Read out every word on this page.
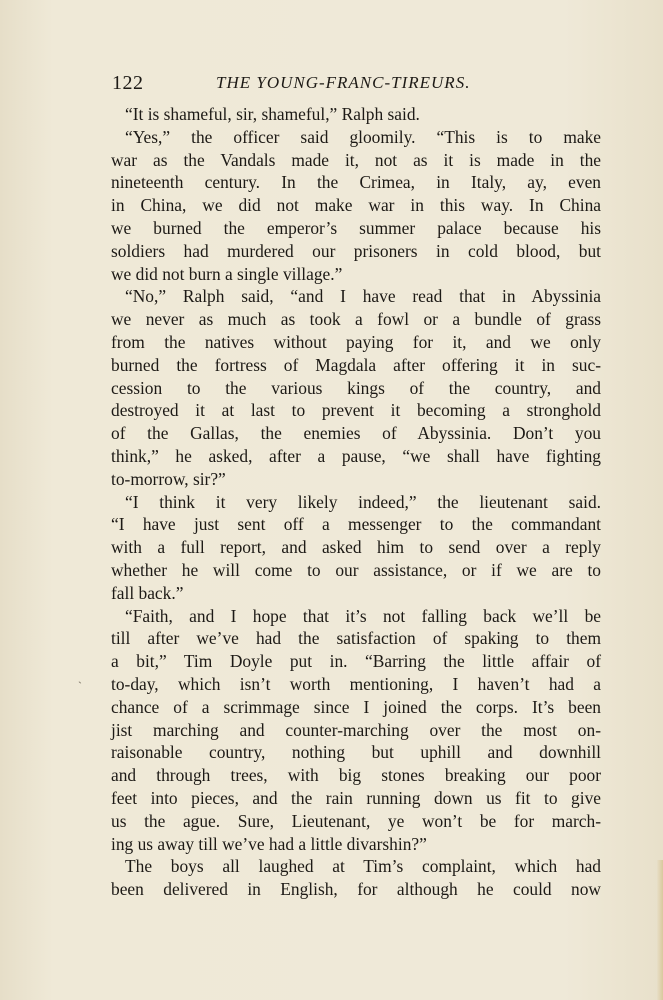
122	THE YOUNG-FRANC-TIREURS.
ˎ
“It is shameful, sir, shameful,” Ralph said.
“Yes,” the officer said gloomily. “This is to make
war as the Vandals made it, not as it is made in the
nineteenth century. In the Crimea, in Italy, ay, even
in China, we did not make war in this way. In China
we burned the emperor’s summer palace because his
soldiers had murdered our prisoners in cold blood, but
we did not burn a single village.”
“No,” Ralph said, “and I have read that in Abyssinia
we never as much as took a fowl or a bundle of grass
from the natives without paying for it, and we only
burned the fortress of Magdala after offering it in suc-
cession to the various kings of the country, and
destroyed it at last to prevent it becoming a stronghold
of the Gallas, the enemies of Abyssinia. Don’t you
think,” he asked, after a pause, “we shall have fighting
to-morrow, sir?”
“I think it very likely indeed,” the lieutenant said.
“I have just sent off a messenger to the commandant
with a full report, and asked him to send over a reply
whether he will come to our assistance, or if we are to
fall back.”
“Faith, and I hope that it’s not falling back we’ll be
till after we’ve had the satisfaction of spaking to them
a bit,” Tim Doyle put in. “Barring the little affair of
to-day, which isn’t worth mentioning, I haven’t had a
chance of a scrimmage since I joined the corps. It’s been
jist marching and counter-marching over the most on-
raisonable country, nothing but uphill and downhill
and through trees, with big stones breaking our poor
feet into pieces, and the rain running down us fit to give
us the ague. Sure, Lieutenant, ye won’t be for march-
ing us away till we’ve had a little divarshin?”
The boys all laughed at Tim’s complaint, which had
been delivered in English, for although he could now
